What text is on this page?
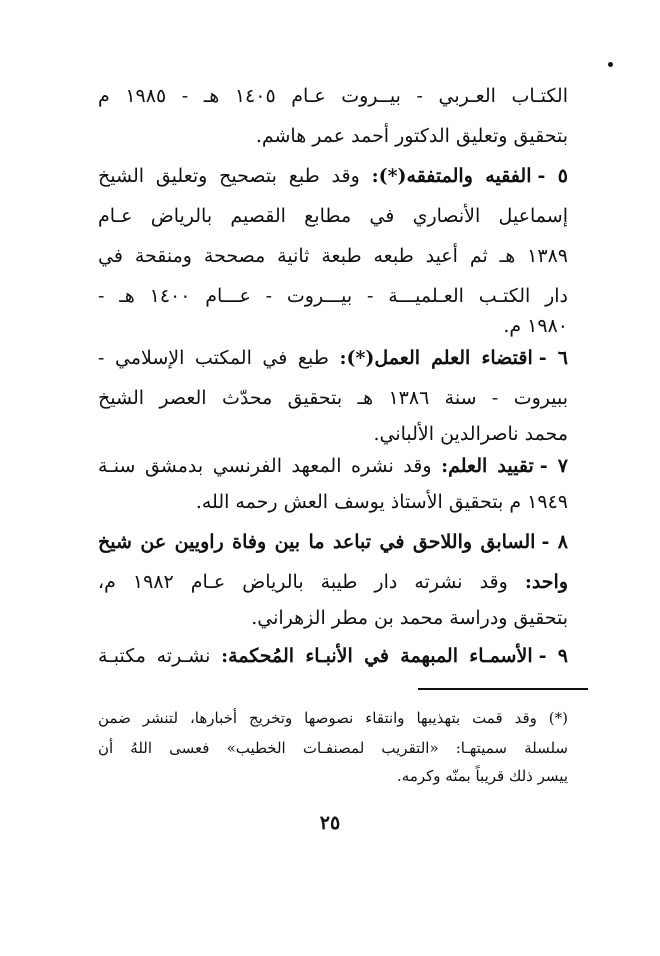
الكتـاب العـربي - بيــروت عـام ١٤٠٥ هـ - ١٩٨٥ م
بتحقيق وتعليق الدكتور أحمد عمر هاشم.
٥ -الفقيه والمتفقه(*): وقد طبع بتصحيح وتعليق الشيخ
إسماعيل الأنصاري في مطابع القصيم بالرياض عـام
١٣٨٩ هـ ثم أعيد طبعه طبعة ثانية مصححة ومنقحة في
دار الكتـب العـلميـــة - بيـــروت - عـــام ١٤٠٠ هـ -
١٩٨٠ م.
٦ -اقتضاء العلم العمل(*): طبع في المكتب الإسلامي -
ببيروت - سنة ١٣٨٦ هـ بتحقيق محدّث العصر الشيخ
محمد ناصرالدين الألباني.
٧ -تقييد العلم: وقد نشره المعهد الفرنسي بدمشق سنـة
١٩٤٩ م بتحقيق الأستاذ يوسف العش رحمه الله.
٨ -السابق واللاحق في تباعد ما بين وفاة راويين عن شيخ
واحد: وقد نشرته دار طيبة بالرياض عـام ١٩٨٢ م،
بتحقيق ودراسة محمد بن مطر الزهراني.
٩ -الأسمـاء المبهمة في الأنبـاء المُحكمة: نشـرته مكتبـة
(*) وقد قمت بتهذيبها وانتقاء نصوصها وتخريج أخبارها، لتنشر ضمن
سلسلة سميتهـا: «التقريب لمصنفـات الخطيب» فعسى اللهُ أن
ييسر ذلك قريباً بمنّه وكرمه.
٢٥
